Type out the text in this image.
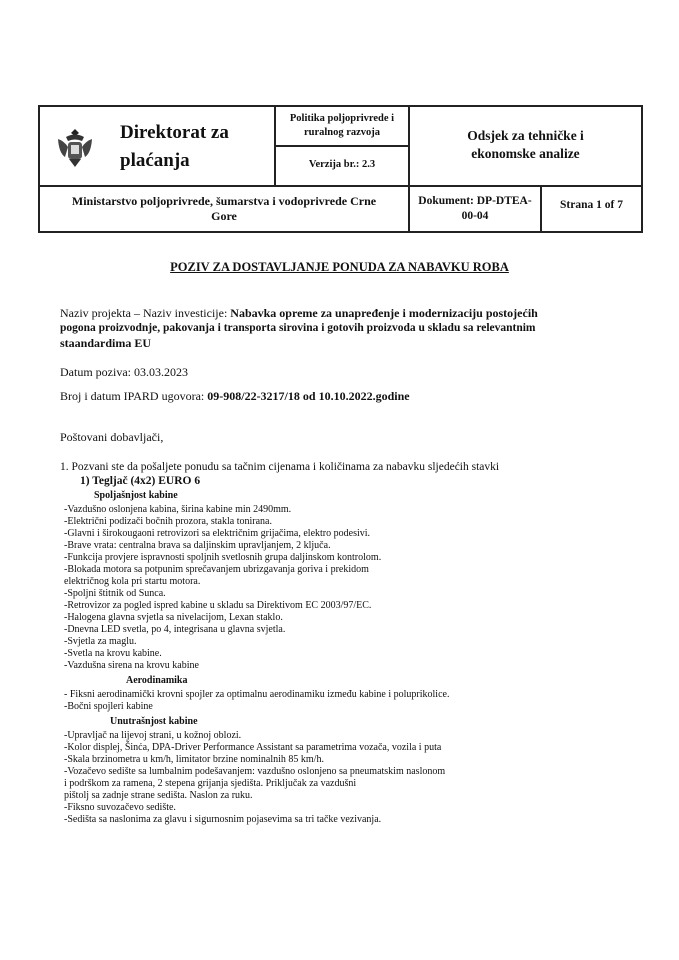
Direktorat za
plaćanja
Politika poljoprivrede i
ruralnog razvoja
Verzija br.: 2.3
Odsjek za tehničke i
ekonomske analize
Ministarstvo poljoprivrede, šumarstva i vodoprivrede Crne
Gore
Dokument: DP-DTEA-
00-04
Strana 1 of 7
POZIV ZA DOSTAVLJANJE PONUDA ZA NABAVKU ROBA
Naziv projekta – Naziv investicije: Nabavka opreme za unapređenje i modernizaciju postojećih
pogona proizvodnje, pakovanja i transporta sirovina i gotovih proizvoda u skladu sa relevantnim
staandardima EU
Datum poziva: 03.03.2023
Broj i datum IPARD ugovora: 09-908/22-3217/18 od 10.10.2022.godine
Poštovani dobavljači,
1. Pozvani ste da pošaljete ponudu sa tačnim cijenama i količinama za nabavku sljedećih stavki
1) Tegljač (4x2) EURO 6
Spoljašnjost kabine
-Vazdušno oslonjena kabina, širina kabine min 2490mm.
-Električni podizači bočnih prozora, stakla tonirana.
-Glavni i širokougaoni retrovizori sa električnim grijačima, elektro podesivi.
-Brave vrata: centralna brava sa daljinskim upravljanjem, 2 ključa.
-Funkcija provjere ispravnosti spoljnih svetlosnih grupa daljinskom kontrolom.
-Blokada motora sa potpunim sprečavanjem ubrizgavanja goriva i prekidom
električnog kola pri startu motora.
-Spoljni štitnik od Sunca.
-Retrovizor za pogled ispred kabine u skladu sa Direktivom EC 2003/97/EC.
-Halogena glavna svjetla sa nivelacijom, Lexan staklo.
-Dnevna LED svetla, po 4, integrisana u glavna svjetla.
-Svjetla za maglu.
-Svetla na krovu kabine.
-Vazdušna sirena na krovu kabine
Aerodinamika
- Fiksni aerodinamički krovni spojler za optimalnu aerodinamiku između kabine i poluprikolice.
-Bočni spojleri kabine
Unutrašnjost kabine
-Upravljač na lijevoj strani, u kožnoj oblozi.
-Kolor displej, Šinća, DPA-Driver Performance Assistant sa parametrima vozača, vozila i puta
-Skala brzinometra u km/h, limitator brzine nominalnih 85 km/h.
-Vozačevo sedište sa lumbalnim podešavanjem: vazdušno oslonjeno sa pneumatskim naslonom
i podrškom za ramena, 2 stepena grijanja sjedišta. Priključak za vazdušni
pištolj sa zadnje strane sedišta. Naslon za ruku.
-Fiksno suvozačevo sedište.
-Sedišta sa naslonima za glavu i sigurnosnim pojasevima sa tri tačke vezivanja.
